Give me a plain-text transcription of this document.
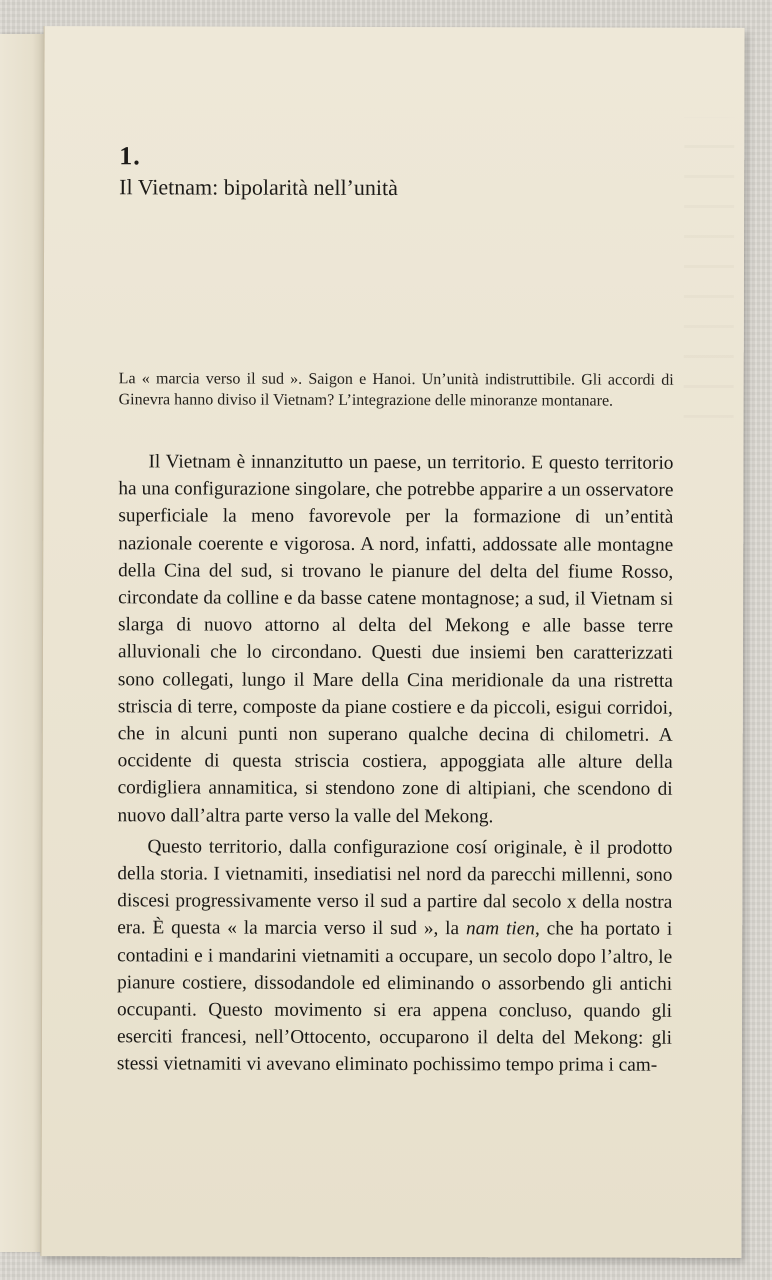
1.

Il Vietnam: bipolarità nell’unità

La « marcia verso il sud ». Saigon e Hanoi. Un’unità indistruttibile. Gli accordi di Ginevra hanno diviso il Vietnam? L’integrazione delle minoranze montanare.

Il Vietnam è innanzitutto un paese, un territorio. E questo territorio ha una configurazione singolare, che potrebbe apparire a un osservatore superficiale la meno favorevole per la formazione di un’entità nazionale coerente e vigorosa. A nord, infatti, addossate alle montagne della Cina del sud, si trovano le pianure del delta del fiume Rosso, circondate da colline e da basse catene montagnose; a sud, il Vietnam si slarga di nuovo attorno al delta del Mekong e alle basse terre alluvionali che lo circondano. Questi due insiemi ben caratterizzati sono collegati, lungo il Mare della Cina meridionale da una ristretta striscia di terre, composte da piane costiere e da piccoli, esigui corridoi, che in alcuni punti non superano qualche decina di chilometri. A occidente di questa striscia costiera, appoggiata alle alture della cordigliera annamitica, si stendono zone di altipiani, che scendono di nuovo dall’altra parte verso la valle del Mekong.

Questo territorio, dalla configurazione cosí originale, è il prodotto della storia. I vietnamiti, insediatisi nel nord da parecchi millenni, sono discesi progressivamente verso il sud a partire dal secolo x della nostra era. È questa « la marcia verso il sud », la nam tien, che ha portato i contadini e i mandarini vietnamiti a occupare, un secolo dopo l’altro, le pianure costiere, dissodandole ed eliminando o assorbendo gli antichi occupanti. Questo movimento si era appena concluso, quando gli eserciti francesi, nell’Ottocento, occuparono il delta del Mekong: gli stessi vietnamiti vi avevano eliminato pochissimo tempo prima i cam-
